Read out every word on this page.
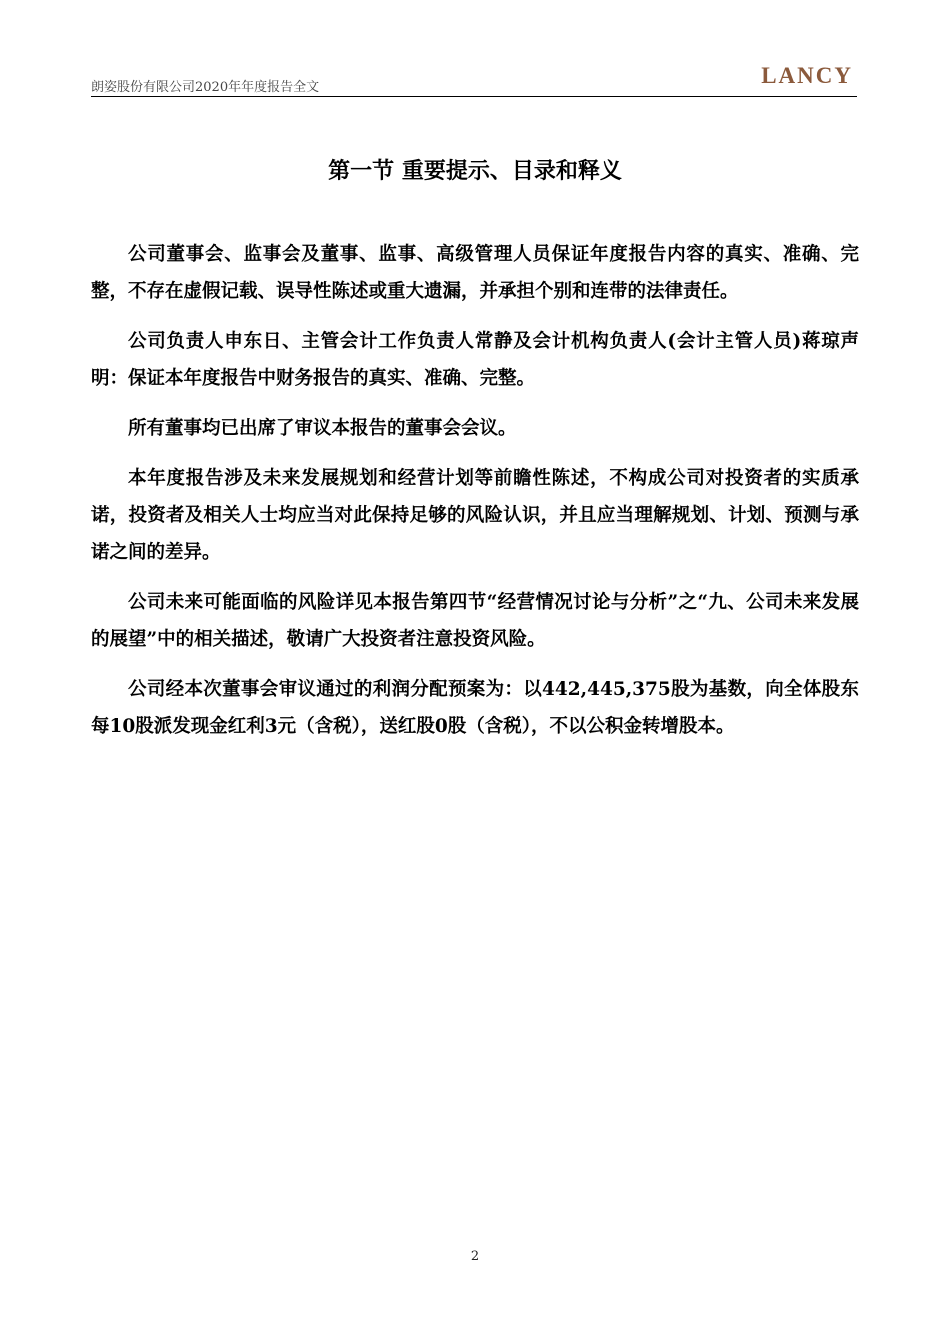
朗姿股份有限公司2020年年度报告全文	LANCY
第一节 重要提示、目录和释义

公司董事会、监事会及董事、监事、高级管理人员保证年度报告内容的真实、准确、完整，不存在虚假记载、误导性陈述或重大遗漏，并承担个别和连带的法律责任。

公司负责人申东日、主管会计工作负责人常静及会计机构负责人(会计主管人员)蒋琼声明：保证本年度报告中财务报告的真实、准确、完整。

所有董事均已出席了审议本报告的董事会会议。

本年度报告涉及未来发展规划和经营计划等前瞻性陈述，不构成公司对投资者的实质承诺，投资者及相关人士均应当对此保持足够的风险认识，并且应当理解规划、计划、预测与承诺之间的差异。

公司未来可能面临的风险详见本报告第四节“经营情况讨论与分析”之“九、公司未来发展的展望”中的相关描述，敬请广大投资者注意投资风险。

公司经本次董事会审议通过的利润分配预案为：以442,445,375股为基数，向全体股东每10股派发现金红利3元（含税），送红股0股（含税），不以公积金转增股本。

2
